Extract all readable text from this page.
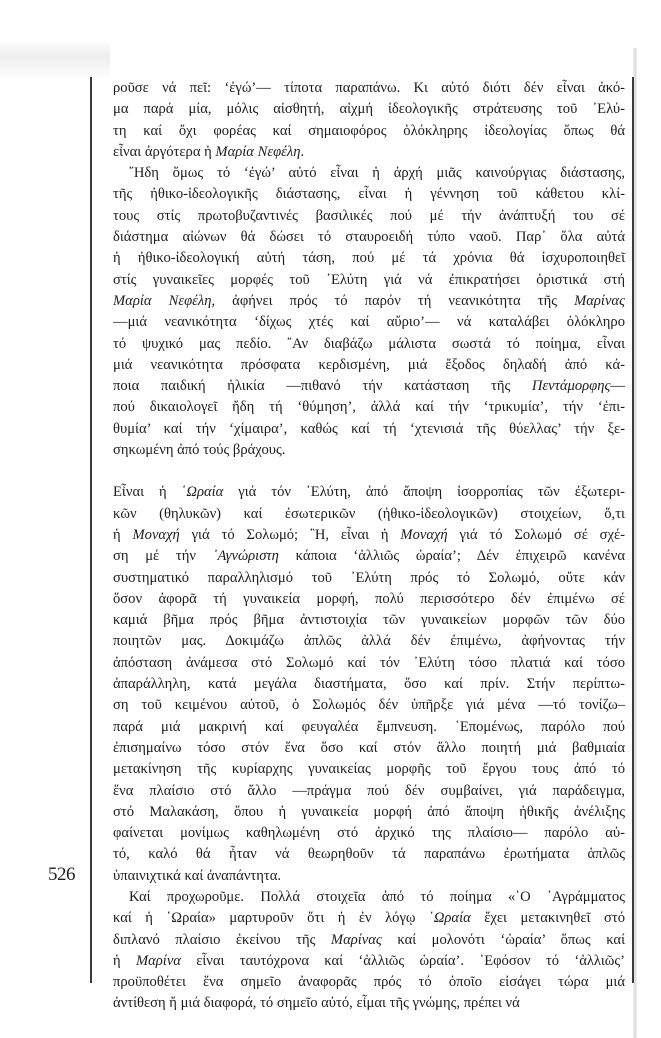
526
ροῦσε νά πεῖ: ‘ἐγώ’— τίποτα παραπάνω. Κι αὐτό διότι δέν εἶναι ἀκό-
μα παρά μία, μόλις αἰσθητή, αἰχμή ἰδεολογικῆς στράτευσης τοῦ ᾿Ελύ-
τη καί ὄχι φορέας καί σημαιοφόρος ὁλόκληρης ἰδεολογίας ὅπως θά
εἶναι ἀργότερα ἡ Μαρία Νεφέλη.
῎Ηδη ὅμως τό ‘ἐγώ’ αὐτό εἶναι ἡ ἀρχή μιᾶς καινούργιας διάστασης,
τῆς ἠθικο-ἰδεολογικῆς διάστασης, εἶναι ἡ γέννηση τοῦ κάθετου κλί-
τους στίς πρωτοβυζαντινές βασιλικές πού μέ τήν ἀνάπτυξή του σέ
διάστημα αἰώνων θά δώσει τό σταυροειδή τύπο ναοῦ. Παρ᾿ ὅλα αὐτά
ἡ ἠθικο-ἰδεολογική αὐτή τάση, πού μέ τά χρόνια θά ἰσχυροποιηθεῖ
στίς γυναικεῖες μορφές τοῦ ᾿Ελύτη γιά νά ἐπικρατήσει ὁριστικά στή
Μαρία Νεφέλη, ἀφήνει πρός τό παρόν τή νεανικότητα τῆς Μαρίνας
—μιά νεανικότητα ‘δίχως χτές καί αὔριο’— νά καταλάβει ὁλόκληρο
τό ψυχικό μας πεδίο. ῎Αν διαβάζω μάλιστα σωστά τό ποίημα, εἶναι
μιά νεανικότητα πρόσφατα κερδισμένη, μιά ἔξοδος δηλαδή ἀπό κά-
ποια παιδική ἡλικία —πιθανό τήν κατάσταση τῆς Πεντάμορφης—
πού δικαιολογεῖ ἤδη τή ‘θύμηση’, ἀλλά καί τήν ‘τρικυμία’, τήν ‘ἐπι-
θυμία’ καί τήν ‘χίμαιρα’, καθώς καί τή ‘χτενισιά τῆς θύελλας’ τήν ξε-
σηκωμένη ἀπό τούς βράχους.
Εἶναι ἡ ῾Ωραία γιά τόν ᾿Ελύτη, ἀπό ἄποψη ἰσορροπίας τῶν ἐξωτερι-
κῶν (θηλυκῶν) καί ἐσωτερικῶν (ἠθικο-ἰδεολογικῶν) στοιχείων, ὅ,τι
ἡ Μοναχή γιά τό Σολωμό; ῍Η, εἶναι ἡ Μοναχή γιά τό Σολωμό σέ σχέ-
ση μέ τήν ᾿Αγνώριστη κάποια ‘ἀλλιῶς ὡραία’; Δέν ἐπιχειρῶ κανένα
συστηματικό παραλληλισμό τοῦ ᾿Ελύτη πρός τό Σολωμό, οὔτε κάν
ὅσον ἀφορᾶ τή γυναικεία μορφή, πολύ περισσότερο δέν ἐπιμένω σέ
καμιά βῆμα πρός βῆμα ἀντιστοιχία τῶν γυναικείων μορφῶν τῶν δύο
ποιητῶν μας. Δοκιμάζω ἁπλῶς ἀλλά δέν ἐπιμένω, ἀφήνοντας τήν
ἀπόσταση ἀνάμεσα στό Σολωμό καί τόν ᾿Ελύτη τόσο πλατιά καί τόσο
ἀπαράλληλη, κατά μεγάλα διαστήματα, ὅσο καί πρίν. Στήν περίπτω-
ση τοῦ κειμένου αὐτοῦ, ὁ Σολωμός δέν ὑπῆρξε γιά μένα —τό τονίζω–
παρά μιά μακρινή καί φευγαλέα ἔμπνευση. ῾Επομένως, παρόλο πού
ἐπισημαίνω τόσο στόν ἕνα ὅσο καί στόν ἄλλο ποιητή μιά βαθμιαία
μετακίνηση τῆς κυρίαρχης γυναικείας μορφῆς τοῦ ἔργου τους ἀπό τό
ἕνα πλαίσιο στό ἄλλο —πράγμα πού δέν συμβαίνει, γιά παράδειγμα,
στό Μαλακάση, ὅπου ἡ γυναικεία μορφή ἀπό ἄποψη ἠθικῆς ἀνέλιξης
φαίνεται μονίμως καθηλωμένη στό ἀρχικό της πλαίσιο— παρόλο αὐ-
τό, καλό θά ἦταν νά θεωρηθοῦν τά παραπάνω ἐρωτήματα ἁπλῶς
ὑπαινιχτικά καί ἀναπάντητα.
Καί προχωροῦμε. Πολλά στοιχεῖα ἀπό τό ποίημα «῾Ο ᾿Αγράμματος
καί ἡ ῾Ωραία» μαρτυροῦν ὅτι ἡ ἐν λόγῳ ῾Ωραία ἔχει μετακινηθεῖ στό
διπλανό πλαίσιο ἐκείνου τῆς Μαρίνας καί μολονότι ‘ὡραία’ ὅπως καί
ἡ Μαρίνα εἶναι ταυτόχρονα καί ‘ἀλλιῶς ὡραία’. ᾿Εφόσον τό ‘ἀλλιῶς’
προϋποθέτει ἕνα σημεῖο ἀναφορᾶς πρός τό ὁποῖο εἰσάγει τώρα μιά
ἀντίθεση ἤ μιά διαφορά, τό σημεῖο αὐτό, εἶμαι τῆς γνώμης, πρέπει νά
